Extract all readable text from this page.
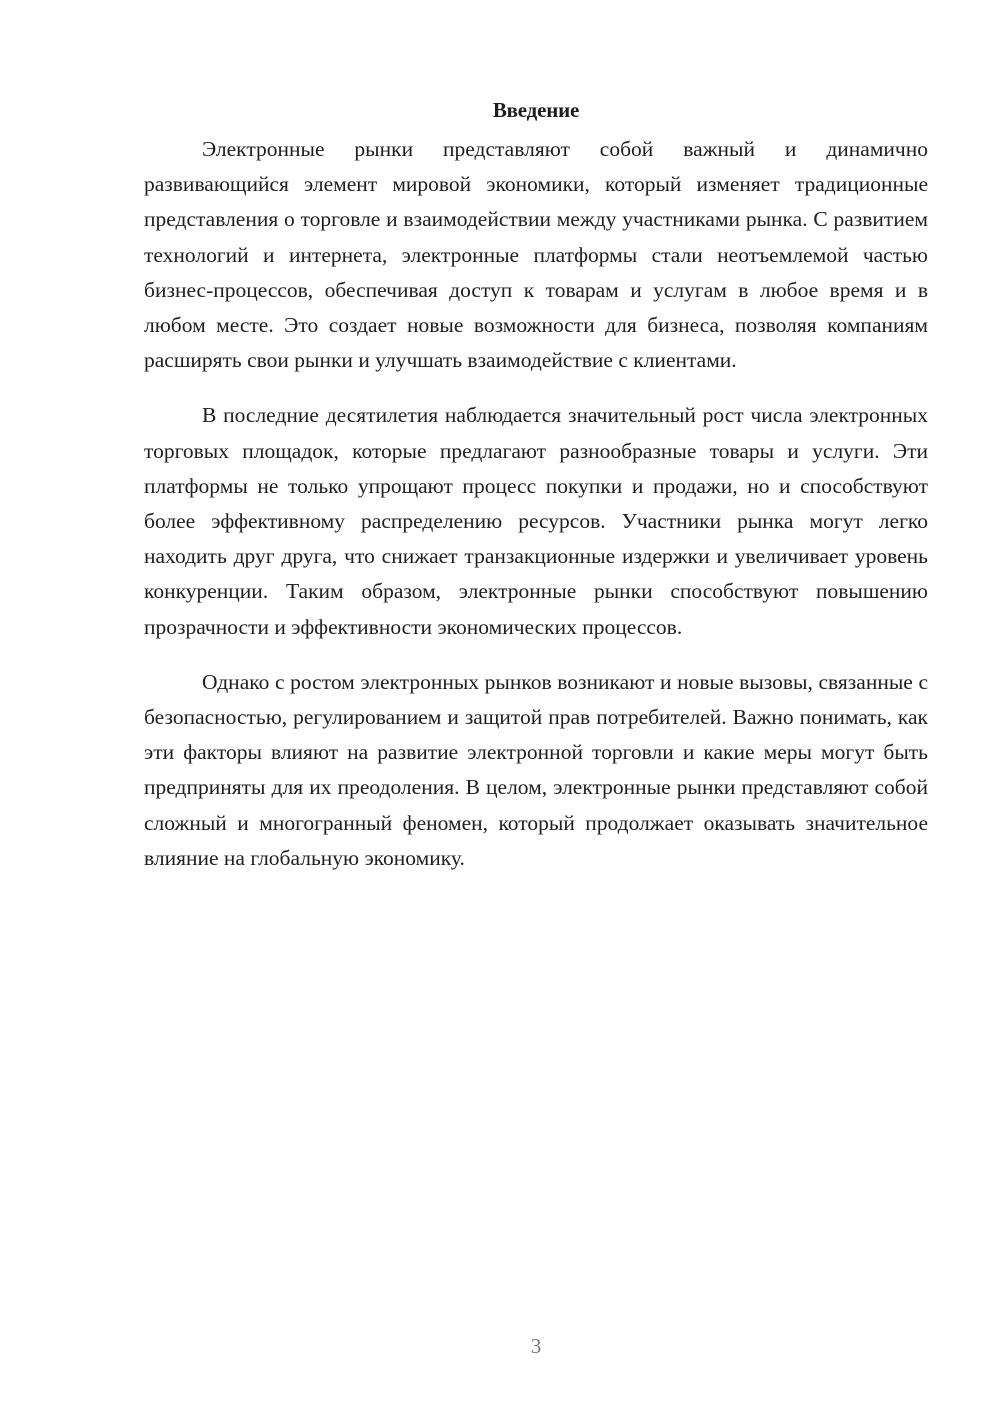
Введение

Электронные рынки представляют собой важный и динамично развивающийся элемент мировой экономики, который изменяет традиционные представления о торговле и взаимодействии между участниками рынка. С развитием технологий и интернета, электронные платформы стали неотъемлемой частью бизнес-процессов, обеспечивая доступ к товарам и услугам в любое время и в любом месте. Это создает новые возможности для бизнеса, позволяя компаниям расширять свои рынки и улучшать взаимодействие с клиентами.

В последние десятилетия наблюдается значительный рост числа электронных торговых площадок, которые предлагают разнообразные товары и услуги. Эти платформы не только упрощают процесс покупки и продажи, но и способствуют более эффективному распределению ресурсов. Участники рынка могут легко находить друг друга, что снижает транзакционные издержки и увеличивает уровень конкуренции. Таким образом, электронные рынки способствуют повышению прозрачности и эффективности экономических процессов.

Однако с ростом электронных рынков возникают и новые вызовы, связанные с безопасностью, регулированием и защитой прав потребителей. Важно понимать, как эти факторы влияют на развитие электронной торговли и какие меры могут быть предприняты для их преодоления. В целом, электронные рынки представляют собой сложный и многогранный феномен, который продолжает оказывать значительное влияние на глобальную экономику.

3
